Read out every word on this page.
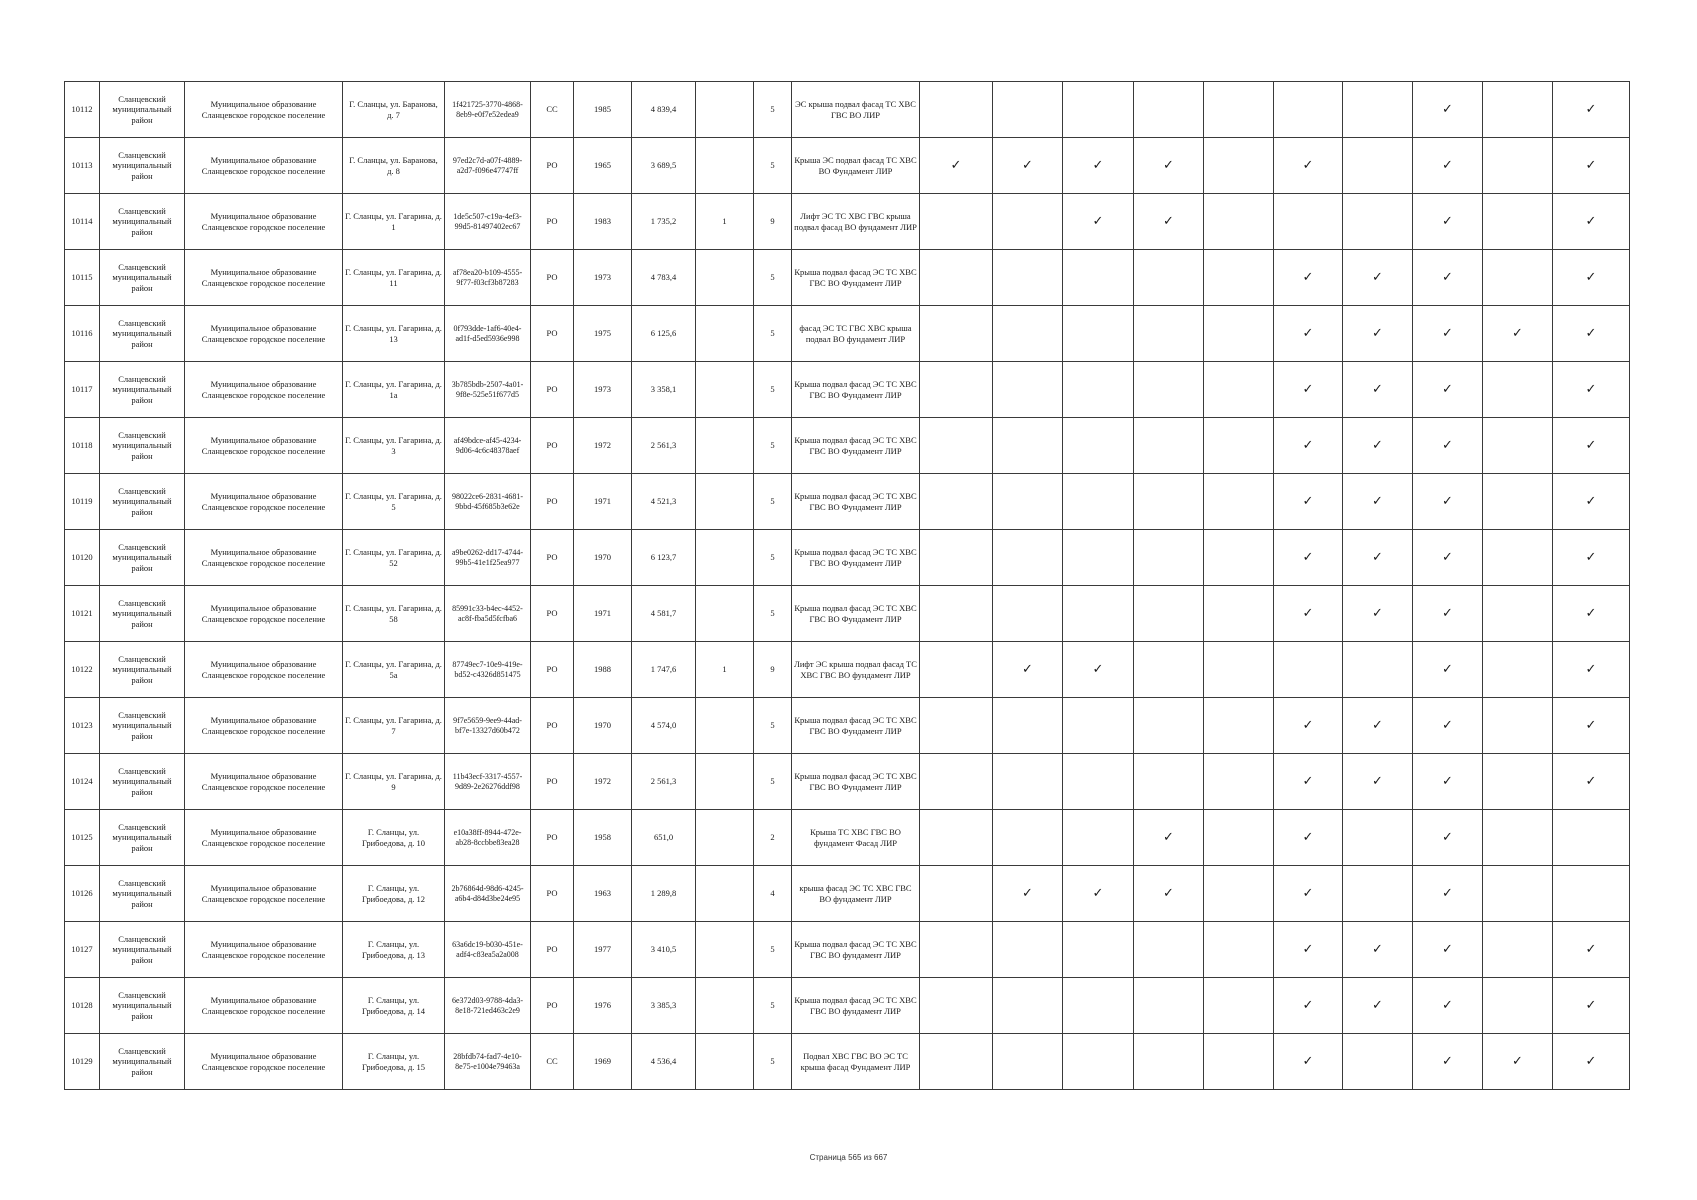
10112	Сланцевский муниципальный район	Муниципальное образование Сланцевское городское поселение	Г. Сланцы, ул. Баранова, д. 7	1f421725-3770-4868-8eb9-e0f7e52edea9	СС	1985	4 839,4		5	ЭС крыша подвал фасад ТС ХВС ГВС ВО ЛИР								✓		✓
10113	Сланцевский муниципальный район	Муниципальное образование Сланцевское городское поселение	Г. Сланцы, ул. Баранова, д. 8	97ed2c7d-a07f-4889-a2d7-f096e47747ff	РО	1965	3 689,5		5	Крыша ЭС подвал фасад ТС ХВС ВО Фундамент ЛИР	✓	✓	✓	✓		✓		✓		✓
10114	Сланцевский муниципальный район	Муниципальное образование Сланцевское городское поселение	Г. Сланцы, ул. Гагарина, д. 1	1de5c507-c19a-4ef3-99d5-81497402ec67	РО	1983	1 735,2	1	9	Лифт ЭС ТС ХВС ГВС крыша подвал фасад ВО фундамент ЛИР			✓	✓				✓		✓
10115	Сланцевский муниципальный район	Муниципальное образование Сланцевское городское поселение	Г. Сланцы, ул. Гагарина, д. 11	af78ea20-b109-4555-9f77-f03cf3b87283	РО	1973	4 783,4		5	Крыша подвал фасад ЭС ТС ХВС ГВС ВО Фундамент ЛИР						✓	✓	✓		✓
10116	Сланцевский муниципальный район	Муниципальное образование Сланцевское городское поселение	Г. Сланцы, ул. Гагарина, д. 13	0f793dde-1af6-40e4-ad1f-d5ed5936e998	РО	1975	6 125,6		5	фасад ЭС ТС ГВС ХВС крыша подвал ВО фундамент ЛИР						✓	✓	✓	✓	✓
10117	Сланцевский муниципальный район	Муниципальное образование Сланцевское городское поселение	Г. Сланцы, ул. Гагарина, д. 1а	3b785bdb-2507-4a01-9f8e-525e51f677d5	РО	1973	3 358,1		5	Крыша подвал фасад ЭС ТС ХВС ГВС ВО Фундамент ЛИР						✓	✓	✓		✓
10118	Сланцевский муниципальный район	Муниципальное образование Сланцевское городское поселение	Г. Сланцы, ул. Гагарина, д. 3	af49bdce-af45-4234-9d06-4c6c48378aef	РО	1972	2 561,3		5	Крыша подвал фасад ЭС ТС ХВС ГВС ВО Фундамент ЛИР						✓	✓	✓		✓
10119	Сланцевский муниципальный район	Муниципальное образование Сланцевское городское поселение	Г. Сланцы, ул. Гагарина, д. 5	98022ce6-2831-4681-9bbd-45f685b3e62e	РО	1971	4 521,3		5	Крыша подвал фасад ЭС ТС ХВС ГВС ВО Фундамент ЛИР						✓	✓	✓		✓
10120	Сланцевский муниципальный район	Муниципальное образование Сланцевское городское поселение	Г. Сланцы, ул. Гагарина, д. 52	a9be0262-dd17-4744-99b5-41e1f25ea977	РО	1970	6 123,7		5	Крыша подвал фасад ЭС ТС ХВС ГВС ВО Фундамент ЛИР						✓	✓	✓		✓
10121	Сланцевский муниципальный район	Муниципальное образование Сланцевское городское поселение	Г. Сланцы, ул. Гагарина, д. 58	85991c33-b4ec-4452-ac8f-fba5d5fcfba6	РО	1971	4 581,7		5	Крыша подвал фасад ЭС ТС ХВС ГВС ВО Фундамент ЛИР						✓	✓	✓		✓
10122	Сланцевский муниципальный район	Муниципальное образование Сланцевское городское поселение	Г. Сланцы, ул. Гагарина, д. 5а	87749ec7-10e9-419e-bd52-c4326d851475	РО	1988	1 747,6	1	9	Лифт ЭС крыша подвал фасад ТС ХВС ГВС ВО фундамент ЛИР		✓	✓					✓		✓
10123	Сланцевский муниципальный район	Муниципальное образование Сланцевское городское поселение	Г. Сланцы, ул. Гагарина, д. 7	9f7e5659-9ee9-44ad-bf7e-13327d60b472	РО	1970	4 574,0		5	Крыша подвал фасад ЭС ТС ХВС ГВС ВО Фундамент ЛИР						✓	✓	✓		✓
10124	Сланцевский муниципальный район	Муниципальное образование Сланцевское городское поселение	Г. Сланцы, ул. Гагарина, д. 9	11b43ecf-3317-4557-9d89-2e26276ddf98	РО	1972	2 561,3		5	Крыша подвал фасад ЭС ТС ХВС ГВС ВО Фундамент ЛИР						✓	✓	✓		✓
10125	Сланцевский муниципальный район	Муниципальное образование Сланцевское городское поселение	Г. Сланцы, ул. Грибоедова, д. 10	e10a38ff-8944-472e-ab28-8ccbbe83ea28	РО	1958	651,0		2	Крыша ТС ХВС ГВС ВО фундамент Фасад ЛИР				✓		✓		✓		
10126	Сланцевский муниципальный район	Муниципальное образование Сланцевское городское поселение	Г. Сланцы, ул. Грибоедова, д. 12	2b76864d-98d6-4245-a6b4-d84d3be24e95	РО	1963	1 289,8		4	крыша фасад ЭС ТС ХВС ГВС ВО фундамент ЛИР		✓	✓	✓		✓		✓		
10127	Сланцевский муниципальный район	Муниципальное образование Сланцевское городское поселение	Г. Сланцы, ул. Грибоедова, д. 13	63a6dc19-b030-451e-adf4-c83ea5a2a008	РО	1977	3 410,5		5	Крыша подвал фасад ЭС ТС ХВС ГВС ВО фундамент ЛИР						✓	✓	✓		✓
10128	Сланцевский муниципальный район	Муниципальное образование Сланцевское городское поселение	Г. Сланцы, ул. Грибоедова, д. 14	6e372d03-9788-4da3-8e18-721ed463c2e9	РО	1976	3 385,3		5	Крыша подвал фасад ЭС ТС ХВС ГВС ВО фундамент ЛИР						✓	✓	✓		✓
10129	Сланцевский муниципальный район	Муниципальное образование Сланцевское городское поселение	Г. Сланцы, ул. Грибоедова, д. 15	28bfdb74-fad7-4e10-8e75-e1004e79463a	СС	1969	4 536,4		5	Подвал ХВС ГВС ВО ЭС ТС крыша фасад Фундамент ЛИР						✓		✓	✓	✓
Страница 565 из 667
